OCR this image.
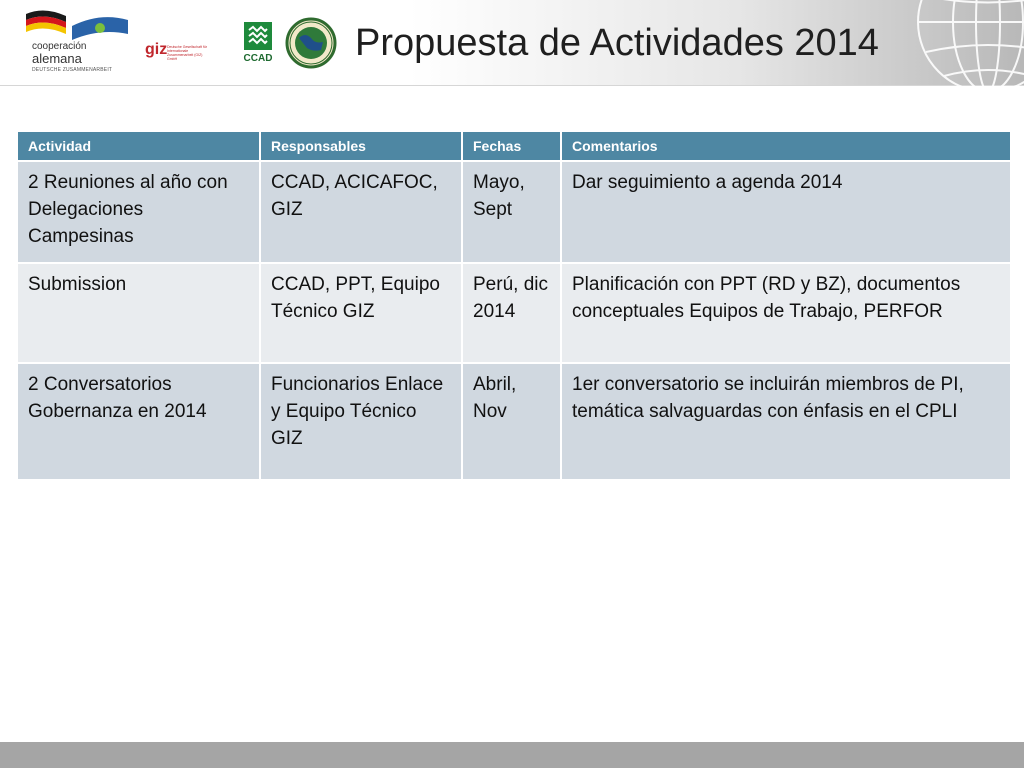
cooperación
alemana
DEUTSCHE ZUSAMMENARBEIT
giz Deutsche Gesellschaft für Internationale Zusammenarbeit (GIZ) GmbH	CCAD Propuesta de Actividades 2014
Actividad	Responsables	Fechas	Comentarios
2 Reuniones al año con Delegaciones Campesinas	CCAD, ACICAFOC, GIZ	Mayo, Sept	Dar seguimiento a agenda 2014
Submission	CCAD, PPT, Equipo Técnico GIZ	Perú, dic 2014	Planificación con PPT (RD y BZ), documentos conceptuales Equipos de Trabajo, PERFOR
2 Conversatorios Gobernanza en 2014	Funcionarios Enlace y Equipo Técnico GIZ	Abril, Nov	1er conversatorio se incluirán miembros de PI, temática salvaguardas con énfasis en el CPLI
